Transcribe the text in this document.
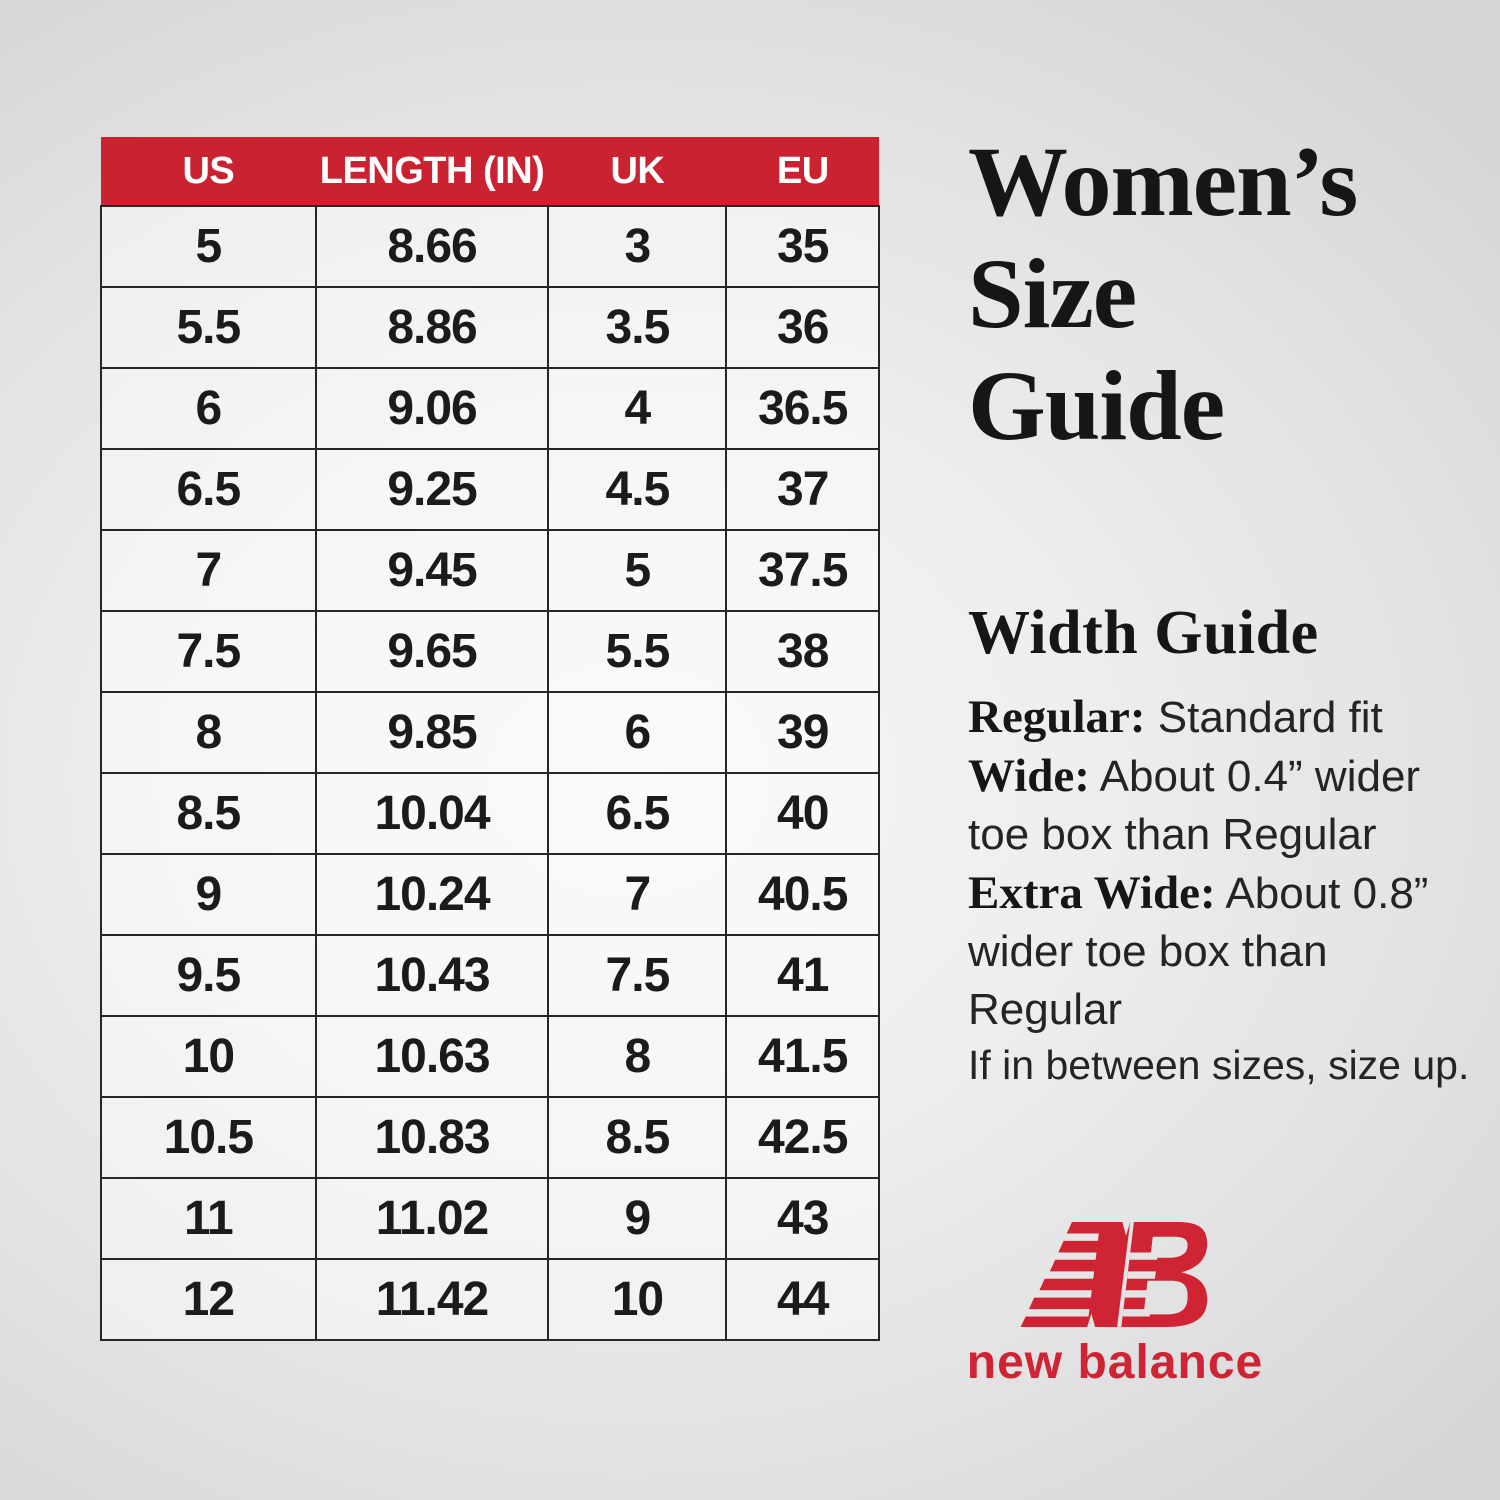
US	LENGTH (IN)	UK	EU
5	8.66	3	35
5.5	8.86	3.5	36
6	9.06	4	36.5
6.5	9.25	4.5	37
7	9.45	5	37.5
7.5	9.65	5.5	38
8	9.85	6	39
8.5	10.04	6.5	40
9	10.24	7	40.5
9.5	10.43	7.5	41
10	10.63	8	41.5
10.5	10.83	8.5	42.5
11	11.02	9	43
12	11.42	10	44
Women’s
Size
Guide
Width Guide
Regular: Standard fit
Wide: About 0.4” wider toe box than Regular
Extra Wide: About 0.8” wider toe box than Regular
If in between sizes, size up.
new balance
